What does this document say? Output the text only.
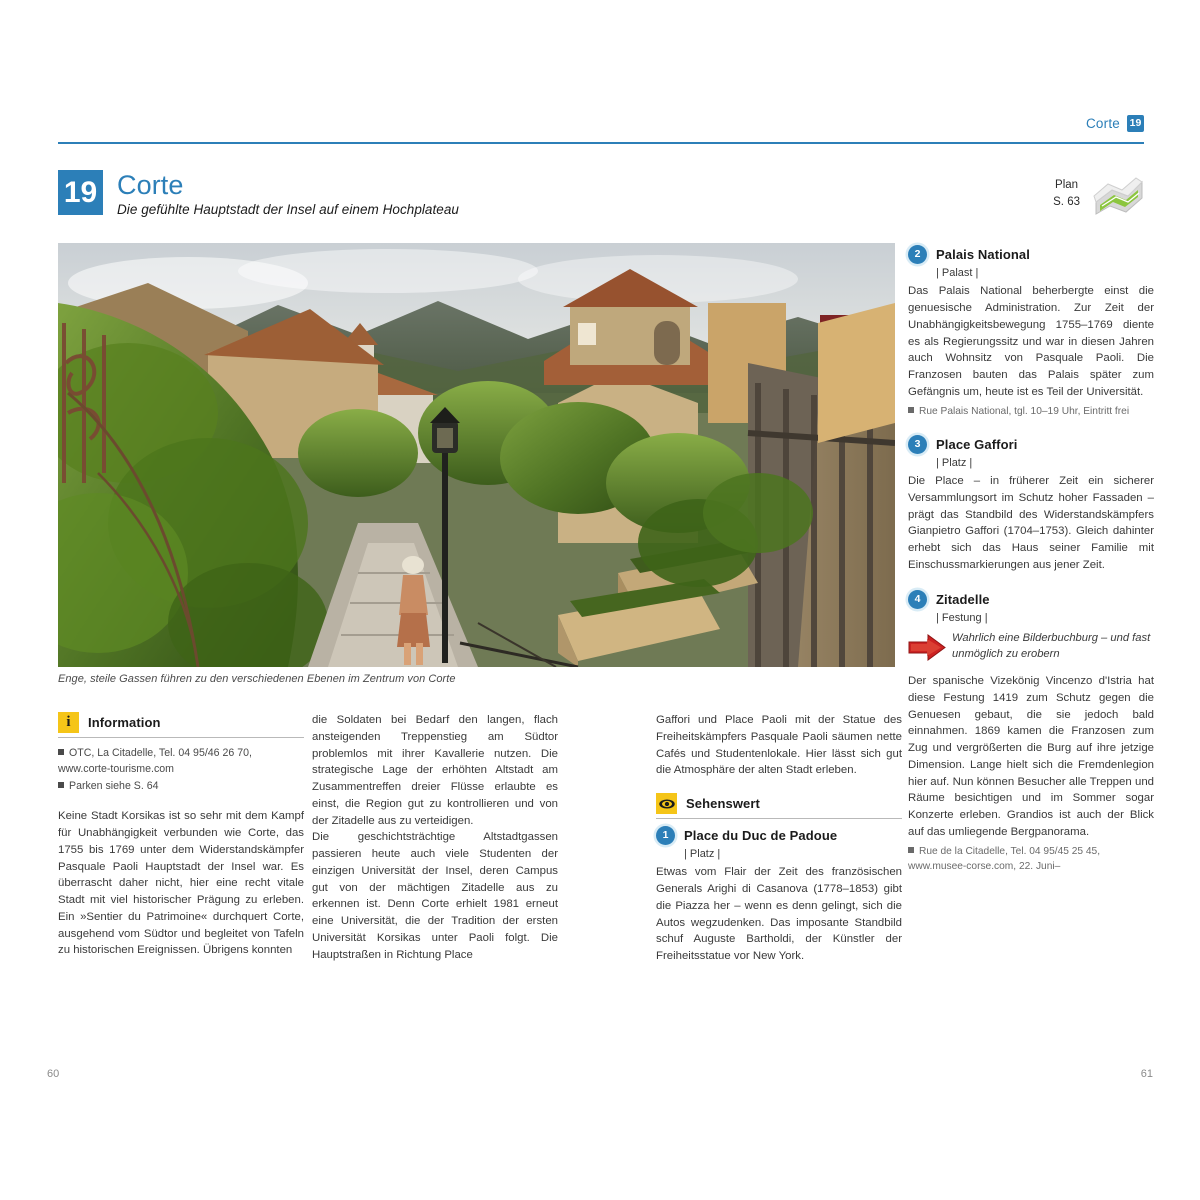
Corte 19
19 Corte
Die gefühlte Hauptstadt der Insel auf einem Hochplateau
Plan
S. 63
Enge, steile Gassen führen zu den verschiedenen Ebenen im Zentrum von Corte
i Information
OTC, La Citadelle, Tel. 04 95/46 26 70, www.corte-tourisme.com
Parken siehe S. 64

Keine Stadt Korsikas ist so sehr mit dem Kampf für Unabhängigkeit verbunden wie Corte, das 1755 bis 1769 unter dem Widerstandskämpfer Pasquale Paoli Hauptstadt der Insel war. Es überrascht daher nicht, hier eine recht vitale Stadt mit viel historischer Prägung zu erleben. Ein »Sentier du Patrimoine« durchquert Corte, ausgehend vom Südtor und begleitet von Tafeln zu historischen Ereignissen. Übrigens konnten

die Soldaten bei Bedarf den langen, flach ansteigenden Treppenstieg am Südtor problemlos mit ihrer Kavallerie nutzen. Die strategische Lage der erhöhten Altstadt am Zusammentreffen dreier Flüsse erlaubte es einst, die Region gut zu kontrollieren und von der Zitadelle aus zu verteidigen.

Die geschichtsträchtige Altstadtgassen passieren heute auch viele Studenten der einzigen Universität der Insel, deren Campus gut von der mächtigen Zitadelle aus zu erkennen ist. Denn Corte erhielt 1981 erneut eine Universität, die der Tradition der ersten Universität Korsikas unter Paoli folgt. Die Hauptstraßen in Richtung Place

Gaffori und Place Paoli mit der Statue des Freiheitskämpfers Pasquale Paoli säumen nette Cafés und Studentenlokale. Hier lässt sich gut die Atmosphäre der alten Stadt erleben.

Sehenswert
1	Place du Duc de Padoue
| Platz |

Etwas vom Flair der Zeit des französischen Generals Arighi di Casanova (1778–1853) gibt die Piazza her – wenn es denn gelingt, sich die Autos wegzudenken. Das imposante Standbild schuf Auguste Bartholdi, der Künstler der Freiheitsstatue vor New York.

2	Palais National
| Palast |

Das Palais National beherbergte einst die genuesische Administration. Zur Zeit der Unabhängigkeitsbewegung 1755–1769 diente es als Regierungssitz und war in diesen Jahren auch Wohnsitz von Pasquale Paoli. Die Franzosen bauten das Palais später zum Gefängnis um, heute ist es Teil der Universität.

Rue Palais National, tgl. 10–19 Uhr, Eintritt frei
3	Place Gaffori
| Platz |

Die Place – in früherer Zeit ein sicherer Versammlungsort im Schutz hoher Fassaden – prägt das Standbild des Widerstandskämpfers Gianpietro Gaffori (1704–1753). Gleich dahinter erhebt sich das Haus seiner Familie mit Einschussmarkierungen aus jener Zeit.

4	Zitadelle
| Festung |
Wahrlich eine Bilderbuchburg – und fast unmöglich zu erobern

Der spanische Vizekönig Vincenzo d'Istria hat diese Festung 1419 zum Schutz gegen die Genuesen gebaut, die sie jedoch bald einnahmen. 1869 kamen die Franzosen zum Zug und vergrößerten die Burg auf ihre jetzige Dimension. Lange hielt sich die Fremdenlegion hier auf. Nun können Besucher alle Treppen und Räume besichtigen und im Sommer sogar Konzerte erleben. Grandios ist auch der Blick auf das umliegende Bergpanorama.

Rue de la Citadelle, Tel. 04 95/45 25 45, www.musee-corse.com, 22. Juni–
60	61
